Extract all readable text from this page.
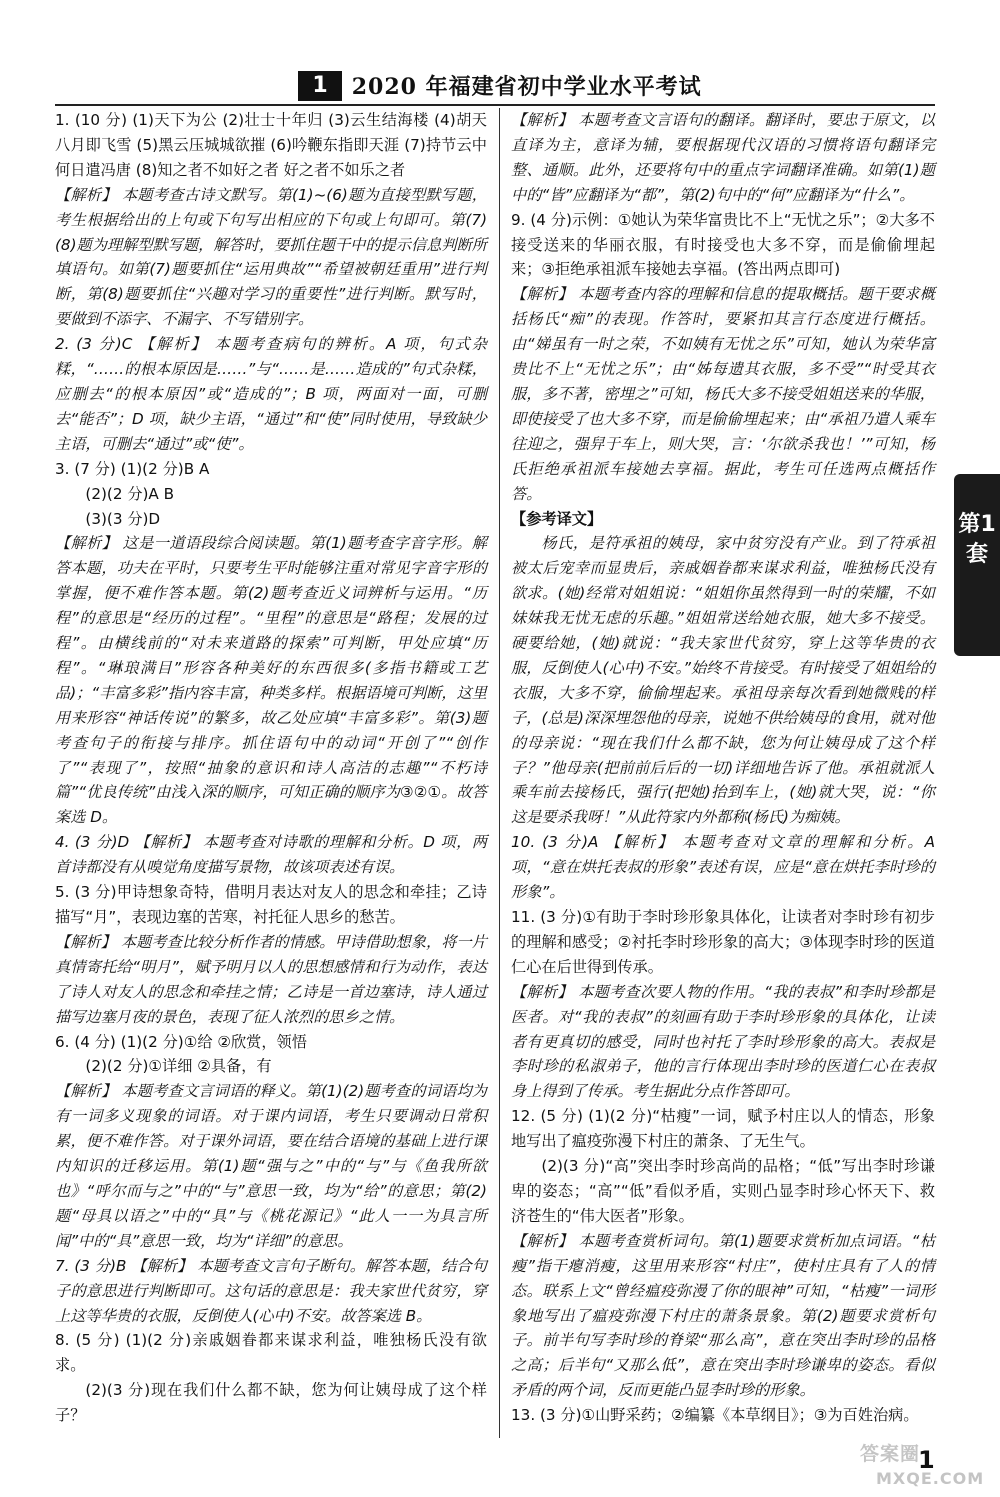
1 2020 年福建省初中学业水平考试

1. (10 分) (1)天下为公 (2)壮士十年归 (3)云生结海楼 (4)胡天八月即飞雪 (5)黑云压城城欲摧 (6)吟鞭东指即天涯 (7)持节云中 何日遣冯唐 (8)知之者不如好之者 好之者不如乐之者

【解析】 本题考查古诗文默写。第(1)~(6)题为直接型默写题，考生根据给出的上句或下句写出相应的下句或上句即可。第(7)(8)题为理解型默写题，解答时，要抓住题干中的提示信息判断所填语句。如第(7)题要抓住“运用典故”“希望被朝廷重用”进行判断，第(8)题要抓住“兴趣对学习的重要性”进行判断。默写时，要做到不添字、不漏字、不写错别字。

2. (3 分)C 【解析】 本题考查病句的辨析。A 项，句式杂糅，“……的根本原因是……”与“……是……造成的”句式杂糅，应删去“的根本原因”或“造成的”；B 项，两面对一面，可删去“能否”；D 项，缺少主语，“通过”和“使”同时使用，导致缺少主语，可删去“通过”或“使”。

3. (7 分) (1)(2 分)B A

(2)(2 分)A B

(3)(3 分)D

【解析】 这是一道语段综合阅读题。第(1)题考查字音字形。解答本题，功夫在平时，只要考生平时能够注重对常见字音字形的掌握，便不难作答本题。第(2)题考查近义词辨析与运用。“历程”的意思是“经历的过程”。“里程”的意思是“路程；发展的过程”。由横线前的“对未来道路的探索”可判断，甲处应填“历程”。“琳琅满目”形容各种美好的东西很多(多指书籍或工艺品)；“丰富多彩”指内容丰富，种类多样。根据语境可判断，这里用来形容“神话传说”的繁多，故乙处应填“丰富多彩”。第(3)题考查句子的衔接与排序。抓住语句中的动词“开创了”“创作了”“表现了”，按照“抽象的意识和诗人高洁的志趣”“不朽诗篇”“优良传统”由浅入深的顺序，可知正确的顺序为③②①。故答案选 D。

4. (3 分)D 【解析】 本题考查对诗歌的理解和分析。D 项，两首诗都没有从嗅觉角度描写景物，故该项表述有误。

5. (3 分)甲诗想象奇特，借明月表达对友人的思念和牵挂；乙诗描写“月”，表现边塞的苦寒，衬托征人思乡的愁苦。

【解析】 本题考查比较分析作者的情感。甲诗借助想象，将一片真情寄托给“明月”，赋予明月以人的思想感情和行为动作，表达了诗人对友人的思念和牵挂之情；乙诗是一首边塞诗，诗人通过描写边塞月夜的景色，表现了征人浓烈的思乡之情。

6. (4 分) (1)(2 分)①给 ②欣赏，领悟

(2)(2 分)①详细 ②具备，有

【解析】 本题考查文言词语的释义。第(1)(2)题考查的词语均为有一词多义现象的词语。对于课内词语，考生只要调动日常积累，便不难作答。对于课外词语，要在结合语境的基础上进行课内知识的迁移运用。第(1)题“强与之”中的“与”与《鱼我所欲也》“呼尔而与之”中的“与”意思一致，均为“给”的意思；第(2)题“母具以语之”中的“具”与《桃花源记》“此人一一为具言所闻”中的“具”意思一致，均为“详细”的意思。

7. (3 分)B 【解析】 本题考查文言句子断句。解答本题，结合句子的意思进行判断即可。这句话的意思是：我夫家世代贫穷，穿上这等华贵的衣服，反倒使人(心中)不安。故答案选 B。

8. (5 分) (1)(2 分)亲戚姻眷都来谋求利益，唯独杨氏没有欲求。

(2)(3 分)现在我们什么都不缺，您为何让姨母成了这个样子？

【解析】 本题考查文言语句的翻译。翻译时，要忠于原文，以直译为主，意译为辅，要根据现代汉语的习惯将语句翻译完整、通顺。此外，还要将句中的重点字词翻译准确。如第(1)题中的“皆”应翻译为“都”，第(2)句中的“何”应翻译为“什么”。

9. (4 分)示例：①她认为荣华富贵比不上“无忧之乐”；②大多不接受送来的华丽衣服，有时接受也大多不穿，而是偷偷埋起来；③拒绝承祖派车接她去享福。(答出两点即可)

【解析】 本题考查内容的理解和信息的提取概括。题干要求概括杨氏“痴”的表现。作答时，要紧扣其言行态度进行概括。由“娣虽有一时之荣，不如姨有无忧之乐”可知，她认为荣华富贵比不上“无忧之乐”；由“姊每遗其衣服，多不受”“时受其衣服，多不著，密埋之”可知，杨氏大多不接受姐姐送来的华服，即使接受了也大多不穿，而是偷偷埋起来；由“承祖乃遣人乘车往迎之，强舁于车上，则大哭，言：‘尔欲杀我也！’”可知，杨氏拒绝承祖派车接她去享福。据此，考生可任选两点概括作答。

【参考译文】

杨氏，是符承祖的姨母，家中贫穷没有产业。到了符承祖被太后宠幸而显贵后，亲戚姻眷都来谋求利益，唯独杨氏没有欲求。(她)经常对姐姐说：“姐姐你虽然得到一时的荣耀，不如妹妹我无忧无虑的乐趣。”姐姐常送给她衣服，她大多不接受。硬要给她，(她)就说：“我夫家世代贫穷，穿上这等华贵的衣服，反倒使人(心中)不安。”始终不肯接受。有时接受了姐姐给的衣服，大多不穿，偷偷埋起来。承祖母亲每次看到她微贱的样子，(总是)深深埋怨他的母亲，说她不供给姨母的食用，就对他的母亲说：“现在我们什么都不缺，您为何让姨母成了这个样子？”他母亲(把前前后后的一切)详细地告诉了他。承祖就派人乘车前去接杨氏，强行(把她)抬到车上，(她)就大哭，说：“你这是要杀我呀！”从此符家内外都称(杨氏)为痴姨。

10. (3 分)A 【解析】 本题考查对文章的理解和分析。A 项，“意在烘托表叔的形象”表述有误，应是“意在烘托李时珍的形象”。

11. (3 分)①有助于李时珍形象具体化，让读者对李时珍有初步的理解和感受；②衬托李时珍形象的高大；③体现李时珍的医道仁心在后世得到传承。

【解析】 本题考查次要人物的作用。“我的表叔”和李时珍都是医者。对“我的表叔”的刻画有助于李时珍形象的具体化，让读者有更真切的感受，同时也衬托了李时珍形象的高大。表叔是李时珍的私淑弟子，他的言行体现出李时珍的医道仁心在表叔身上得到了传承。考生据此分点作答即可。

12. (5 分) (1)(2 分)“枯瘦”一词，赋予村庄以人的情态，形象地写出了瘟疫弥漫下村庄的萧条、了无生气。

(2)(3 分)“高”突出李时珍高尚的品格；“低”写出李时珍谦卑的姿态；“高”“低”看似矛盾，实则凸显李时珍心怀天下、救济苍生的“伟大医者”形象。

【解析】 本题考查赏析词句。第(1)题要求赏析加点词语。“枯瘦”指干瘪消瘦，这里用来形容“村庄”，使村庄具有了人的情态。联系上文“曾经瘟疫弥漫了你的眼神”可知，“枯瘦”一词形象地写出了瘟疫弥漫下村庄的萧条景象。第(2)题要求赏析句子。前半句写李时珍的脊梁“那么高”，意在突出李时珍的品格之高；后半句“又那么低”，意在突出李时珍谦卑的姿态。看似矛盾的两个词，反而更能凸显李时珍的形象。

13. (3 分)①山野采药；②编纂《本草纲目》；③为百姓治病。

第1套
1
答案圈
MXQE.COM
